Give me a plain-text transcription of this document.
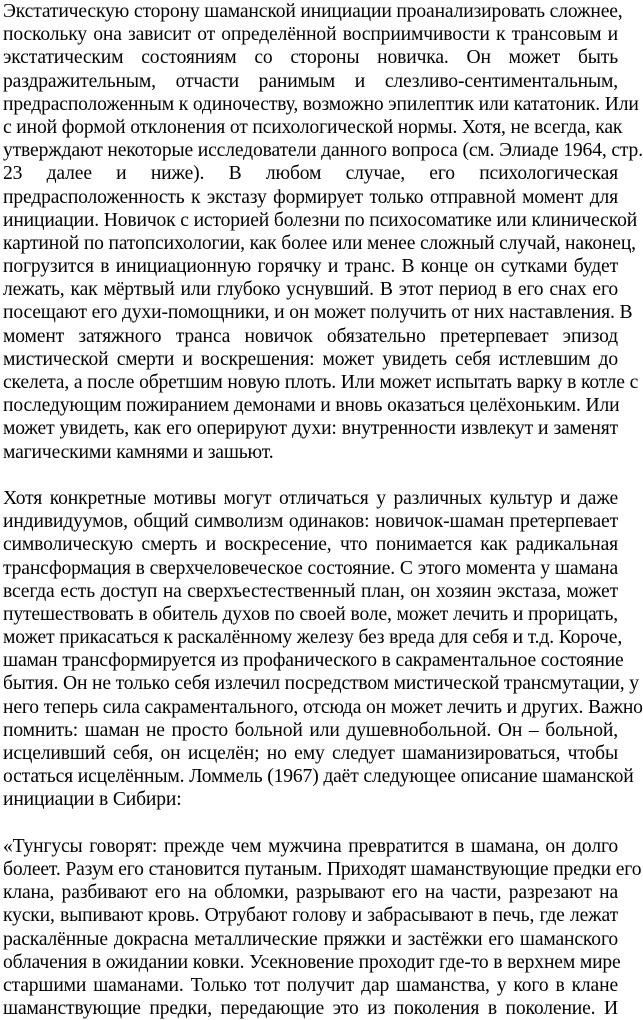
Экстатическую сторону шаманской инициации проанализировать сложнее,
поскольку она зависит от определённой восприимчивости к трансовым и
экстатическим состояниям со стороны новичка. Он может быть
раздражительным, отчасти ранимым и слезливо-сентиментальным,
предрасположенным к одиночеству, возможно эпилептик или кататоник. Или
с иной формой отклонения от психологической нормы. Хотя, не всегда, как
утверждают некоторые исследователи данного вопроса (см. Элиаде 1964, стр.
23 далее и ниже). В любом случае, его психологическая
предрасположенность к экстазу формирует только отправной момент для
инициации. Новичок с историей болезни по психосоматике или клинической
картиной по патопсихологии, как более или менее сложный случай, наконец,
погрузится в инициационную горячку и транс. В конце он сутками будет
лежать, как мёртвый или глубоко уснувший. В этот период в его снах его
посещают его духи-помощники, и он может получить от них наставления. В
момент затяжного транса новичок обязательно претерпевает эпизод
мистической смерти и воскрешения: может увидеть себя истлевшим до
скелета, а после обретшим новую плоть. Или может испытать варку в котле с
последующим пожиранием демонами и вновь оказаться целёхоньким. Или
может увидеть, как его оперируют духи: внутренности извлекут и заменят
магическими камнями и зашьют.
Хотя конкретные мотивы могут отличаться у различных культур и даже
индивидуумов, общий символизм одинаков: новичок-шаман претерпевает
символическую смерть и воскресение, что понимается как радикальная
трансформация в сверхчеловеческое состояние. С этого момента у шамана
всегда есть доступ на сверхъестественный план, он хозяин экстаза, может
путешествовать в обитель духов по своей воле, может лечить и прорицать,
может прикасаться к раскалённому железу без вреда для себя и т.д. Короче,
шаман трансформируется из профанического в сакраментальное состояние
бытия. Он не только себя излечил посредством мистической трансмутации, у
него теперь сила сакраментального, отсюда он может лечить и других. Важно
помнить: шаман не просто больной или душевнобольной. Он – больной,
исцеливший себя, он исцелён; но ему следует шаманизироваться, чтобы
остаться исцелённым. Ломмель (1967) даёт следующее описание шаманской
инициации в Сибири:
«Тунгусы говорят: прежде чем мужчина превратится в шамана, он долго
болеет. Разум его становится путаным. Приходят шаманствующие предки его
клана, разбивают его на обломки, разрывают его на части, разрезают на
куски, выпивают кровь. Отрубают голову и забрасывают в печь, где лежат
раскалённые докрасна металлические пряжки и застёжки его шаманского
облачения в ожидании ковки. Усекновение проходит где-то в верхнем мире
старшими шаманами. Только тот получит дар шаманства, у кого в клане
шаманствующие предки, передающие это из поколения в поколение. И
